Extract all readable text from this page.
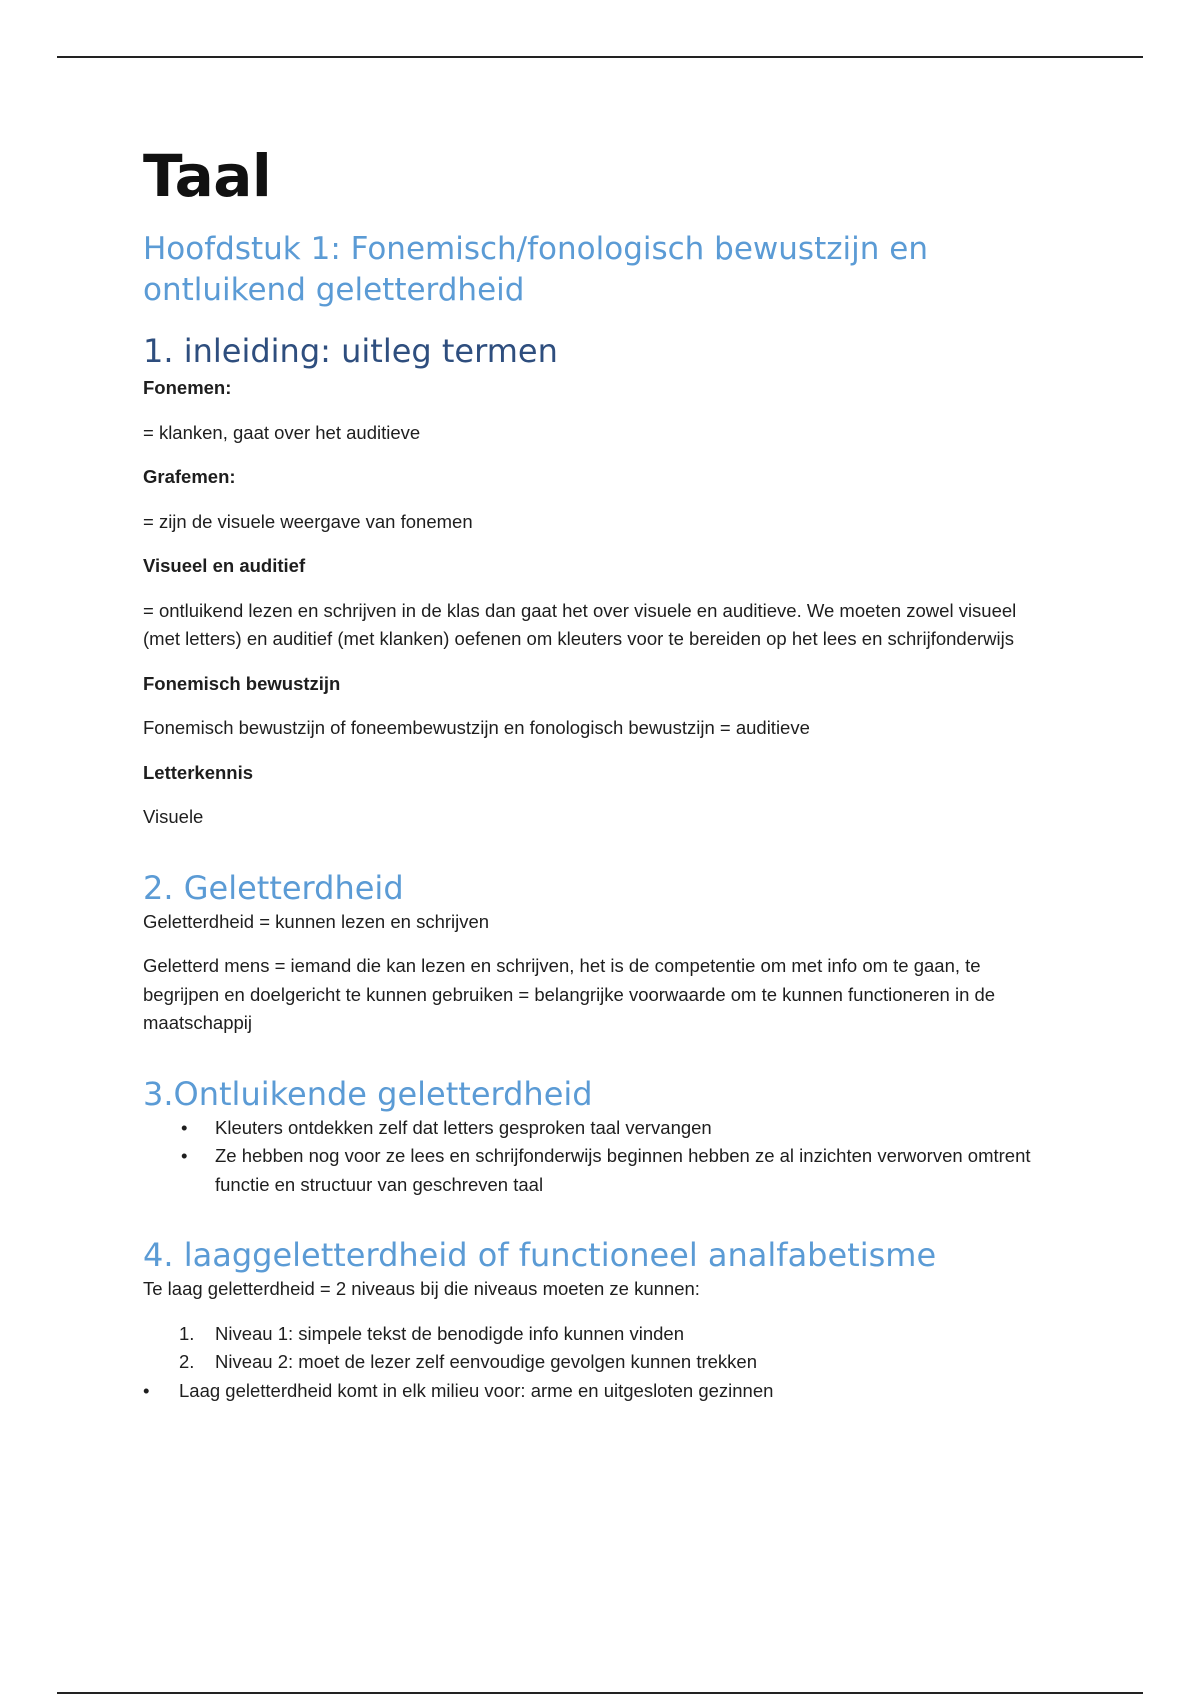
Taal
Hoofdstuk 1: Fonemisch/fonologisch bewustzijn en ontluikend geletterdheid
1. inleiding: uitleg termen

Fonemen:

= klanken, gaat over het auditieve

Grafemen:

= zijn de visuele weergave van fonemen

Visueel en auditief

= ontluikend lezen en schrijven in de klas dan gaat het over visuele en auditieve. We moeten zowel visueel (met letters) en auditief (met klanken) oefenen om kleuters voor te bereiden op het lees en schrijfonderwijs

Fonemisch bewustzijn

Fonemisch bewustzijn of foneembewustzijn en fonologisch bewustzijn = auditieve

Letterkennis

Visuele

2. Geletterdheid

Geletterdheid = kunnen lezen en schrijven

Geletterd mens = iemand die kan lezen en schrijven, het is de competentie om met info om te gaan, te begrijpen en doelgericht te kunnen gebruiken = belangrijke voorwaarde om te kunnen functioneren in de maatschappij

3.Ontluikende geletterdheid
• Kleuters ontdekken zelf dat letters gesproken taal vervangen
• Ze hebben nog voor ze lees en schrijfonderwijs beginnen hebben ze al inzichten verworven omtrent functie en structuur van geschreven taal
4. laaggeletterdheid of functioneel analfabetisme

Te laag geletterdheid = 2 niveaus bij die niveaus moeten ze kunnen:

1. Niveau 1: simpele tekst de benodigde info kunnen vinden
2. Niveau 2: moet de lezer zelf eenvoudige gevolgen kunnen trekken
• Laag geletterdheid komt in elk milieu voor: arme en uitgesloten gezinnen
